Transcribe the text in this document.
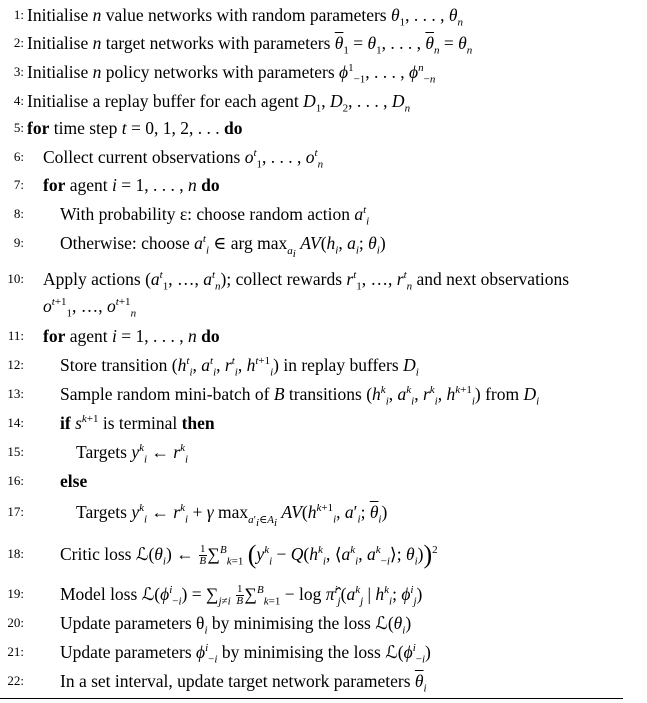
1: Initialise n value networks with random parameters $\theta_1$, . . . , $\theta_n$
2: Initialise n target networks with parameters $\overline{\theta}_1 = \theta_1$, . . . , $\overline{\theta}_n = \theta_n$
3: Initialise n policy networks with parameters $\phi^1_{-1}$, . . . , $\phi^n_{-n}$
4: Initialise a replay buffer for each agent $D_1$, $D_2$, . . . , $D_n$
5: for time step t = 0, 1, 2, . . . do
6: Collect current observations $o^t_1$, . . . , $o^t_n$
7: for agent i = 1, . . . , n do
8: With probability ε: choose random action $a^t_i$
9: Otherwise: choose $a^t_i$ ∈ arg $\max_{a_i} AV(h_i$, $a_i$; $\theta_i$)
10: Apply actions ($a^t_1$, …, $a^t_n$); collect rewards $r^t_1$, …, $r^t_n$ and next observations
$o^{t+1}_1$, …, $o^{t+1}_n$
11: for agent i = 1, . . . , n do
12: Store transition ($h^t_i$, $a^t_i$, $r^t_i$, $h^{t+1}_i$) in replay buffers $D_i$
13: Sample random mini-batch of B transitions ($h^k_i$, $a^k_i$, $r^k_i$, $h^{k+1}_i$) from $D_i$
14: if $s^{k+1}$ is terminal then
15:	Targets $y^k_i$ ← $r^k_i$
16: else
17:	Targets $y^k_i$ ← $r^k_i + \gamma$ $\max_{a'_i\in A_i} AV(h^{k+1}_i$, $a'_i$; $\overline{\theta}_i$)
18: Critic loss $ℒ(\theta_i)$ ← $\frac{1}{B} \sum^B_{k=1}$ ($y^k_i - Q(h^k_i$, $⟨a^k_i$, $a^k_{-i}⟩$; $\theta_i))^2$
19: Model loss $ℒ(\phi^i_{-i}) = \sum_{j\ne i} \frac{1}{B} \sum^B_{k=1} - \log$ $\pî^i_j(a^k_j$ | $h^k_i$; $\phi^i_j$)
20: Update parameters $\theta_i$ by minimising the loss $ℒ(\theta_i)$
21: Update parameters $\phi^i_{-i}$ by minimising the loss $ℒ(\phi^i_{-i})$
22: In a set interval, update target network parameters $\overline{\theta}_i$
